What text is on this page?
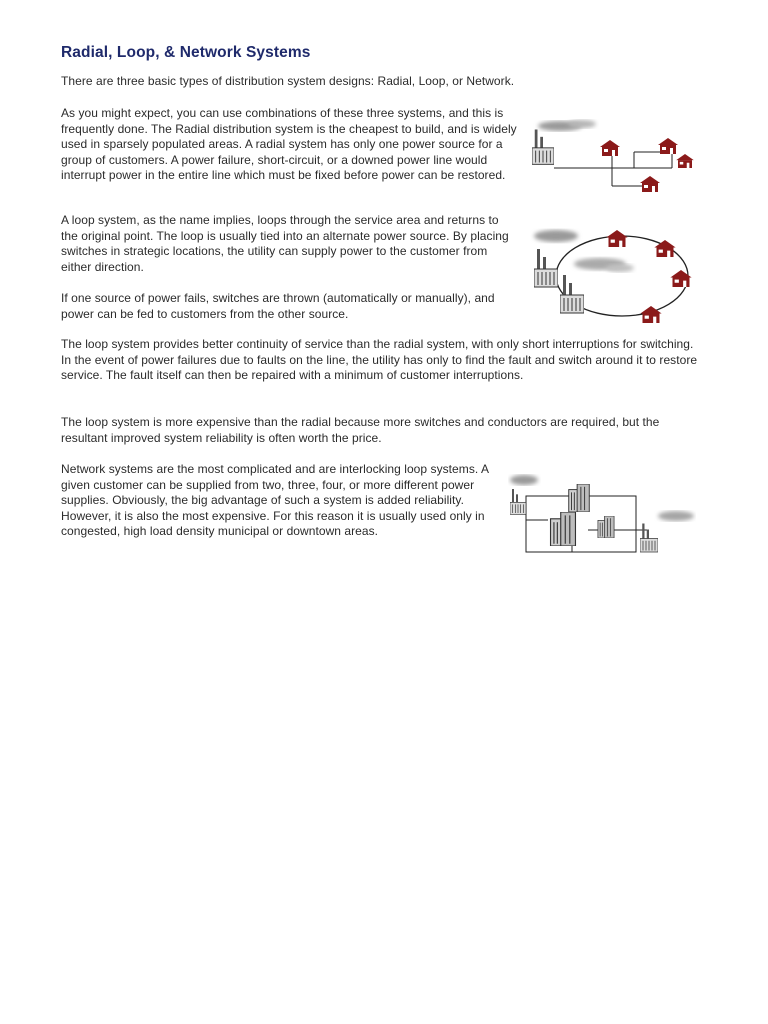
Radial, Loop, & Network Systems

There are three basic types of distribution system designs: Radial, Loop, or Network.

As you might expect, you can use combinations of these three systems, and this is frequently done. The Radial distribution system is the cheapest to build, and is widely used in sparsely populated areas. A radial system has only one power source for a group of customers. A power failure, short-circuit, or a downed power line would interrupt power in the entire line which must be fixed before power can be restored.

A loop system, as the name implies, loops through the service area and returns to the original point. The loop is usually tied into an alternate power source. By placing switches in strategic locations, the utility can supply power to the customer from either direction.

If one source of power fails, switches are thrown (automatically or manually), and power can be fed to customers from the other source.

The loop system provides better continuity of service than the radial system, with only short interruptions for switching. In the event of power failures due to faults on the line, the utility has only to find the fault and switch around it to restore service. The fault itself can then be repaired with a minimum of customer interruptions.

The loop system is more expensive than the radial because more switches and conductors are required, but the resultant improved system reliability is often worth the price.

Network systems are the most complicated and are interlocking loop systems. A given customer can be supplied from two, three, four, or more different power supplies. Obviously, the big advantage of such a system is added reliability. However, it is also the most expensive. For this reason it is usually used only in congested, high load density municipal or downtown areas.
